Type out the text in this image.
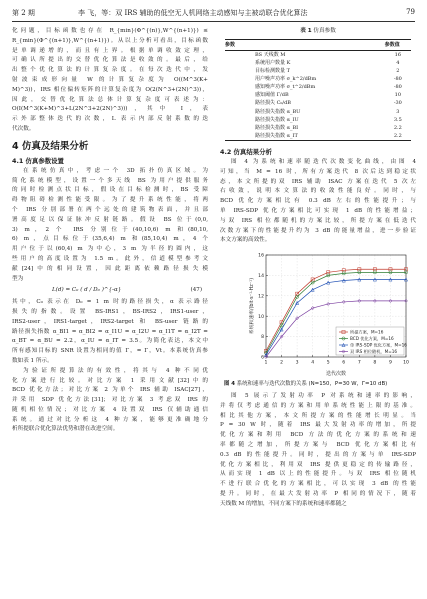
第 2 期	李 飞，等：双 IRS 辅助的低空无人机网络主动感知与主被动联合优化算法	79
化问题，目标函数也存在 R_{min}(Φ^{(n)},W^{(n+1)}) ≤
R_{min}(Φ^{(n+1)},W^{(n+1)})。从以上分析可看出，目标函数
是单调递增的，而且有上界。根据单调收敛定理，
可确认所提出的交替优化算法是收敛的。最后，给
出整个优化算法的计算复杂度。在每次迭代中，发
射波束成形向量 W 的计算复杂度为 O((M^3(K+
M)^3))，IRS 相位偏转矩阵的计算复杂度为 O(2(N^3+(2N)^3))，
因此，交替优化算法总体计算复杂度可表述为：
O(I(M^3(K+M)^3+L(2N^3+2(2N)^3)))，其中 I，表
示外部整体迭代的次数，L 表示内部反射系数的迭
代次数。
4 仿真及结果分析
4.1 仿真参数设置
在系统仿真中，考虑一个 3D 拓扑仿真区域。为
简化系统模型，设置一个多天线 BS 为用户提供服务
的同时检测点状目标，假设在目标检测时，BS 受障
碍物阻碍检测性能受限。为了提升系统性能，将两
个 IRS 分别部署在两个远处的建筑物表面，并且部
署高度足以保证脉冲反射链路。假设 BS 位于(0,0,
3) m，2 个 IRS 分别位于(40,10,6) m 和(80,10,
6) m，点目标位于(35,6,4) m 和(85,10,4) m，4 个
用户位于以(60,4) m 为中心，3 m 为半径的圆内，这
些用户的高度设置为 1.5 m。此外，信道模型参考文
献[24]中的相同设置，因此距离依赖路径损失模
型为
L(d) = C₀ ( d / D₀ )^{-α}	(47)
其中，C₀ 表示在 D₀ = 1 m 时的路径损失，α 表示路径
损失的指数。设置 BS-IRS1，BS-IRS2，IRS1-user，
IRS2-user，IRS1-target，IRS2-target 和 BS-user 链路的
路径损失指数 α_BI1 = α_BI2 = α_I1U = α_I2U = α_I1T = α_I2T =
α_BT = α_BU = 2.2，α_IU = α_IT = 3.5。为简化表达，本文中
所有感知目标的 SNR 设置为相同的值 Γ，= Γ，Vt。本系统仿真参
数如表 1 所示。
为验证所提算法的有效性，将其与 4 种不同优
化方案进行比较。对比方案 1 采用文献[32]中的
BCD 优化方法；对比方案 2 为单个 IRS 辅助 ISAC[27]，
并采用 SDP 优化方法[31]；对比方案 3 考虑双 IRS 的
随机相位情况；对比方案 4 设置双 IRS 仅辅助通信
系统。通过对比分析这 4 种方案，能够更准确地分
析所提联合优化算法优势和潜在改进空间。
表 1 仿真参数
参数	参数值
BS 天线数 M	16
系统用户数量 K	4
目标检测数量 T	2
用户噪声功率 σ_k^2/dBm	-80
感知噪声功率 σ_t^2/dBm	-80
感知阈值 Γ/dB	10
路径损失 C₀/dB	-30
路径损失指数 α_BU	3
路径损失指数 α_IU	3.5
路径损失指数 α_BI	2.2
路径损失指数 α_IT	2.2
4.2 仿真结果分析
图 4 为系统和速率随迭代次数变化曲线，由图 4
可知，当 M = 16 时，所有方案迭代 8 次后达到稳定状
态，本文所提的双 IRS 辅助 ISAC 方案在迭代 5 次左
右收敛，说明本文算法的收敛性能良好。同时，与
BCD 优化方案相比有 0.3 dB 左右的性能提升；与
单 IRS-SDP 优化方案相比可实现 1 dB 的性能增益；
与双 IRS 相位都随机的方案比较，所提方案在低迭代
次数方案下的性能提升约为 3 dB 的能量增益，进一步验证
本文方案的高效性。
1	2	3	4	5	6	7	8	9 10
6
8
10
12
14
16
迭代次数
系统和速率/(bit·s⁻¹·Hz⁻¹)	所提方案，M=16
BCD 优化方案，M=16
单 IRS-SDP 优化方案，M=16
双 IRS 相位随机，M=16
图 4 系统和速率与迭代次数的关系 (N=150，P=30 W，Γ=10 dB)
图 5 展示了发射功率 P 对系统和速率的影响，
并将仅考虑通信的方案和用单系统性能上限的基准。
相比其他方案，本文所提方案的性能增长明显。当
P = 30 W 时，随着 IRS 最大发射功率的增加，所提
优化方案和利用 BCD 方法的优化方案的系统和速
率都随之增加，所提方案与 BCD 优化方案相比有
0.3 dB 的性能提升。同时，提出的方案与单 IRS-SDP
优化方案相比，利用双 IRS 提供更稳定的传输路径，
从而实现 1 dB 以上的性能提升。与双 IRS 相位随机
不进行联合优化的方案相比，可以实现 3 dB 的性能
提升。同时，在最大发射功率 P 相同的情况下，随着
天线数 M 的增加，不同方案下的系统和速率都随之
